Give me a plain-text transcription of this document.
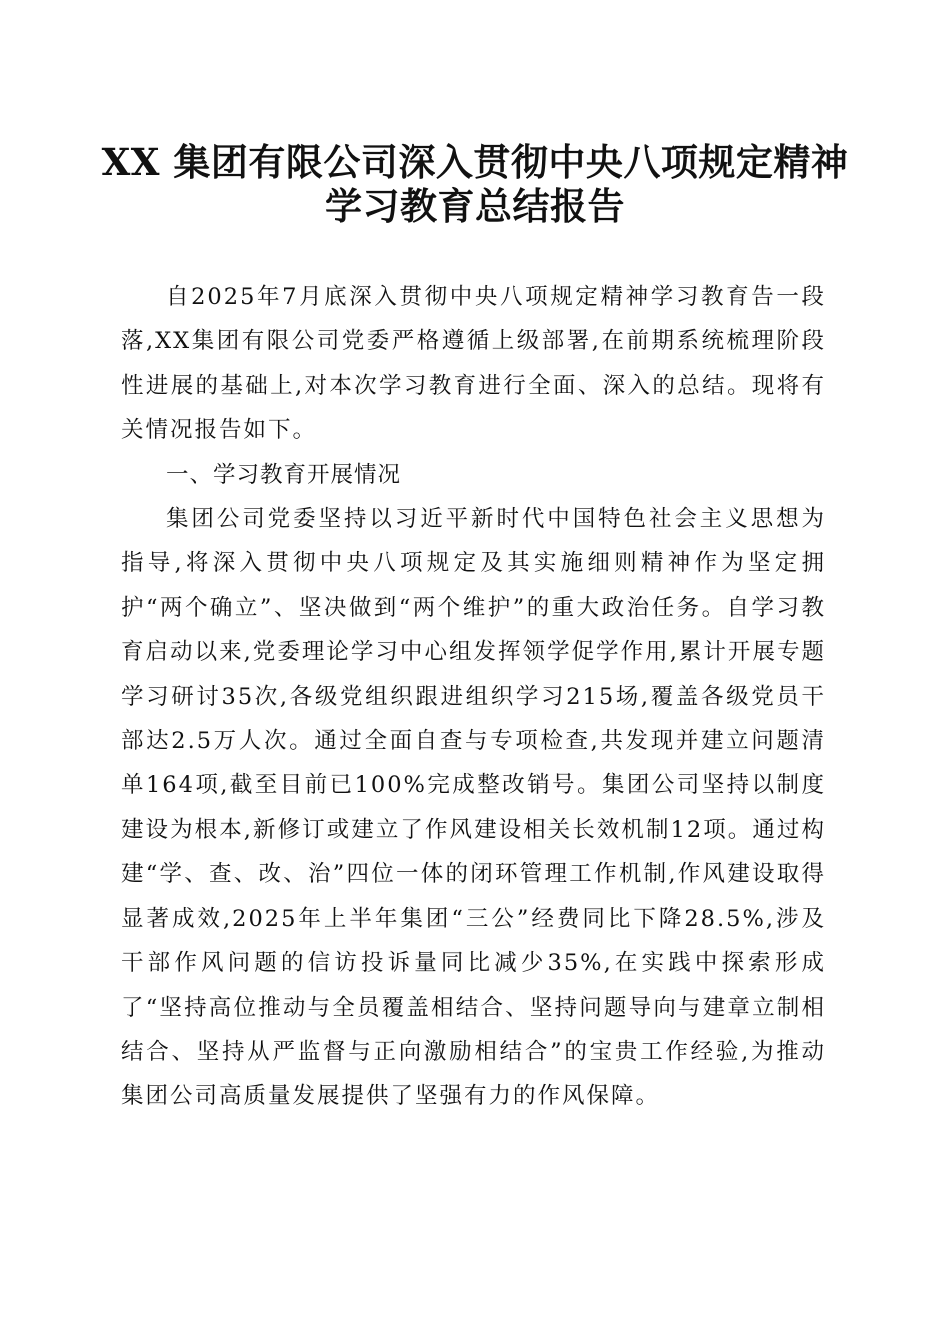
XX 集团有限公司深入贯彻中央八项规定精神
学习教育总结报告

自2025年7月底深入贯彻中央八项规定精神学习教育告一段落,XX集团有限公司党委严格遵循上级部署,在前期系统梳理阶段性进展的基础上,对本次学习教育进行全面、深入的总结。现将有关情况报告如下。

一、学习教育开展情况

集团公司党委坚持以习近平新时代中国特色社会主义思想为指导,将深入贯彻中央八项规定及其实施细则精神作为坚定拥护“两个确立”、坚决做到“两个维护”的重大政治任务。自学习教育启动以来,党委理论学习中心组发挥领学促学作用,累计开展专题学习研讨35次,各级党组织跟进组织学习215场,覆盖各级党员干部达2.5万人次。通过全面自查与专项检查,共发现并建立问题清单164项,截至目前已100%完成整改销号。集团公司坚持以制度建设为根本,新修订或建立了作风建设相关长效机制12项。通过构建“学、查、改、治”四位一体的闭环管理工作机制,作风建设取得显著成效,2025年上半年集团“三公”经费同比下降28.5%,涉及干部作风问题的信访投诉量同比减少35%,在实践中探索形成了“坚持高位推动与全员覆盖相结合、坚持问题导向与建章立制相结合、坚持从严监督与正向激励相结合”的宝贵工作经验,为推动集团公司高质量发展提供了坚强有力的作风保障。
